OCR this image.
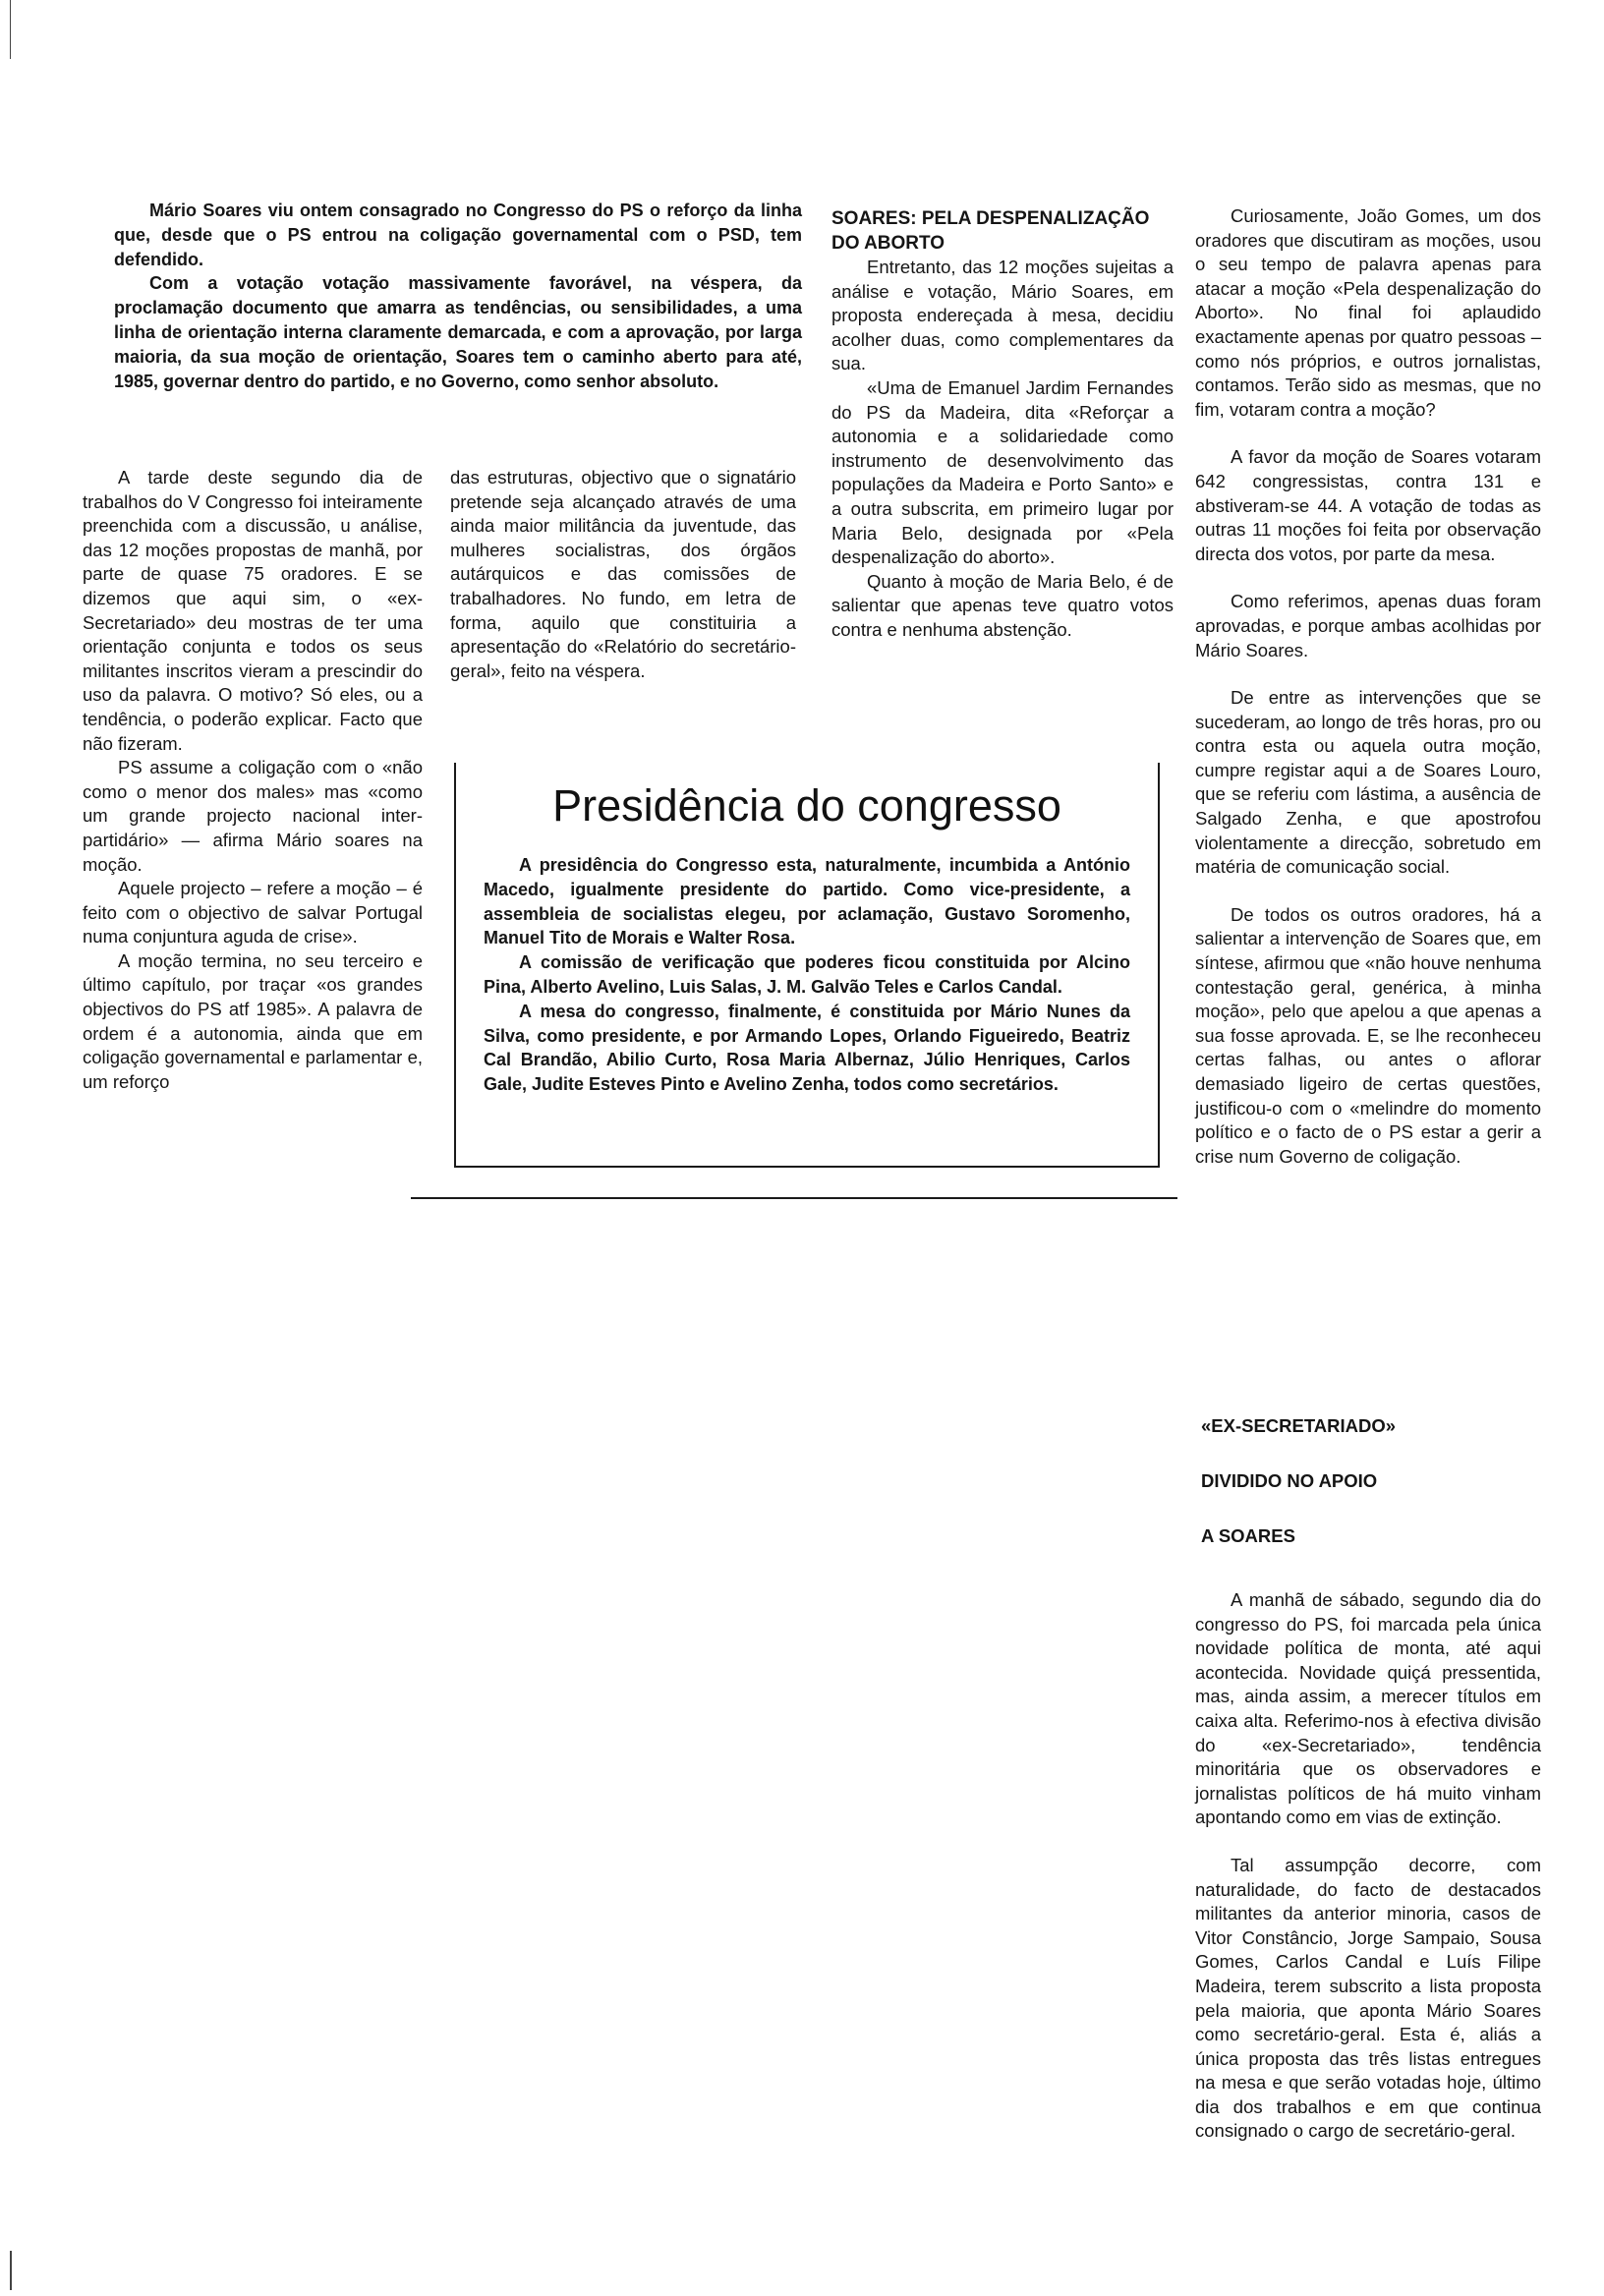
Mário Soares viu ontem consagrado no Congresso do PS o reforço da linha que, desde que o PS entrou na coligação governamental com o PSD, tem defendido.

Com a votação votação massivamente favorável, na véspera, da proclamação documento que amarra as tendências, ou sensibilidades, a uma linha de orientação interna claramente demarcada, e com a aprovação, por larga maioria, da sua moção de orientação, Soares tem o caminho aberto para até, 1985, governar dentro do partido, e no Governo, como senhor absoluto.

A tarde deste segundo dia de trabalhos do V Congresso foi inteiramente preenchida com a discussão, u análise, das 12 moções propostas de manhã, por parte de quase 75 oradores. E se dizemos que aqui sim, o «ex-Secretariado» deu mostras de ter uma orientação conjunta e todos os seus militantes inscritos vieram a prescindir do uso da palavra. O motivo? Só eles, ou a tendência, o poderão explicar. Facto que não fizeram.

PS assume a coligação com o «não como o menor dos males» mas «como um grande projecto nacional inter-partidário» — afirma Mário soares na moção.

Aquele projecto – refere a moção – é feito com o objectivo de salvar Portugal numa conjuntura aguda de crise».

A moção termina, no seu terceiro e último capítulo, por traçar «os grandes objectivos do PS atf 1985». A palavra de ordem é a autonomia, ainda que em coligação governamental e parlamentar e, um reforço

das estruturas, objectivo que o signatário pretende seja alcançado através de uma ainda maior militância da juventude, das mulheres socialistras, dos órgãos autárquicos e das comissões de trabalhadores. No fundo, em letra de forma, aquilo que constituiria a apresentação do «Relatório do secretário-geral», feito na véspera.

SOARES: PELA DESPENALIZAÇÃO DO ABORTO

Entretanto, das 12 moções sujeitas a análise e votação, Mário Soares, em proposta endereçada à mesa, decidiu acolher duas, como complementares da sua.

«Uma de Emanuel Jardim Fernandes do PS da Madeira, dita «Reforçar a autonomia e a solidariedade como instrumento de desenvolvimento das populações da Madeira e Porto Santo» e a outra subscrita, em primeiro lugar por Maria Belo, designada por «Pela despenalização do aborto».

Quanto à moção de Maria Belo, é de salientar que apenas teve quatro votos contra e nenhuma abstenção.

Presidência do congresso

A presidência do Congresso esta, naturalmente, incumbida a António Macedo, igualmente presidente do partido. Como vice-presidente, a assembleia de socialistas elegeu, por aclamação, Gustavo Soromenho, Manuel Tito de Morais e Walter Rosa.

A comissão de verificação que poderes ficou constituida por Alcino Pina, Alberto Avelino, Luis Salas, J. M. Galvão Teles e Carlos Candal.

A mesa do congresso, finalmente, é constituida por Mário Nunes da Silva, como presidente, e por Armando Lopes, Orlando Figueiredo, Beatriz Cal Brandão, Abilio Curto, Rosa Maria Albernaz, Júlio Henriques, Carlos Gale, Judite Esteves Pinto e Avelino Zenha, todos como secretários.

Curiosamente, João Gomes, um dos oradores que discutiram as moções, usou o seu tempo de palavra apenas para atacar a moção «Pela despenalização do Aborto». No final foi aplaudido exactamente apenas por quatro pessoas – como nós próprios, e outros jornalistas, contamos. Terão sido as mesmas, que no fim, votaram contra a moção?

A favor da moção de Soares votaram 642 congressistas, contra 131 e abstiveram-se 44. A votação de todas as outras 11 moções foi feita por observação directa dos votos, por parte da mesa.

Como referimos, apenas duas foram aprovadas, e porque ambas acolhidas por Mário Soares.

De entre as intervenções que se sucederam, ao longo de três horas, pro ou contra esta ou aquela outra moção, cumpre registar aqui a de Soares Louro, que se referiu com lástima, a ausência de Salgado Zenha, e que apostrofou violentamente a direcção, sobretudo em matéria de comunicação social.

De todos os outros oradores, há a salientar a intervenção de Soares que, em síntese, afirmou que «não houve nenhuma contestação geral, genérica, à minha moção», pelo que apelou a que apenas a sua fosse aprovada. E, se lhe reconheceu certas falhas, ou antes o aflorar demasiado ligeiro de certas questões, justificou-o com o «melindre do momento político e o facto de o PS estar a gerir a crise num Governo de coligação.

«EX-SECRETARIADO»

DIVIDIDO NO APOIO

A SOARES

A manhã de sábado, segundo dia do congresso do PS, foi marcada pela única novidade política de monta, até aqui acontecida. Novidade quiçá pressentida, mas, ainda assim, a merecer títulos em caixa alta. Referimo-nos à efectiva divisão do «ex-Secretariado», tendência minoritária que os observadores e jornalistas políticos de há muito vinham apontando como em vias de extinção.

Tal assumpção decorre, com naturalidade, do facto de destacados militantes da anterior minoria, casos de Vitor Constâncio, Jorge Sampaio, Sousa Gomes, Carlos Candal e Luís Filipe Madeira, terem subscrito a lista proposta pela maioria, que aponta Mário Soares como secretário-geral. Esta é, aliás a única proposta das três listas entregues na mesa e que serão votadas hoje, último dia dos trabalhos e em que continua consignado o cargo de secretário-geral.
